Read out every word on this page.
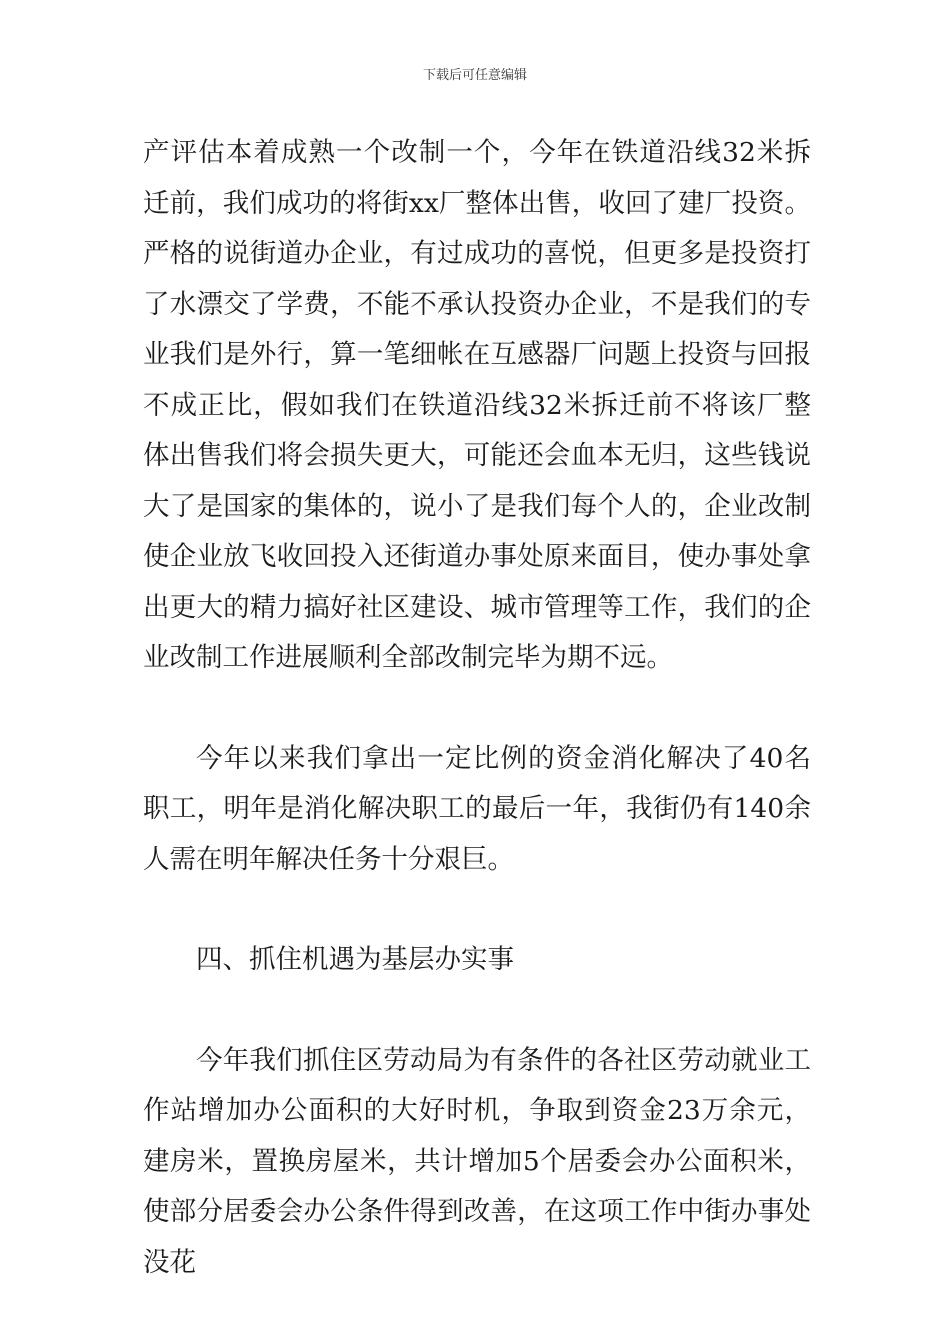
下载后可任意编辑

产评估本着成熟一个改制一个，今年在铁道沿线32米拆迁前，我们成功的将街xx厂整体出售，收回了建厂投资。严格的说街道办企业，有过成功的喜悦，但更多是投资打了水漂交了学费，不能不承认投资办企业，不是我们的专业我们是外行，算一笔细帐在互感器厂问题上投资与回报不成正比，假如我们在铁道沿线32米拆迁前不将该厂整体出售我们将会损失更大，可能还会血本无归，这些钱说大了是国家的集体的，说小了是我们每个人的，企业改制使企业放飞收回投入还街道办事处原来面目，使办事处拿出更大的精力搞好社区建设、城市管理等工作，我们的企业改制工作进展顺利全部改制完毕为期不远。

今年以来我们拿出一定比例的资金消化解决了40名职工，明年是消化解决职工的最后一年，我街仍有140余人需在明年解决任务十分艰巨。

四、抓住机遇为基层办实事

今年我们抓住区劳动局为有条件的各社区劳动就业工作站增加办公面积的大好时机，争取到资金23万余元，建房米，置换房屋米，共计增加5个居委会办公面积米，使部分居委会办公条件得到改善，在这项工作中街办事处没花
